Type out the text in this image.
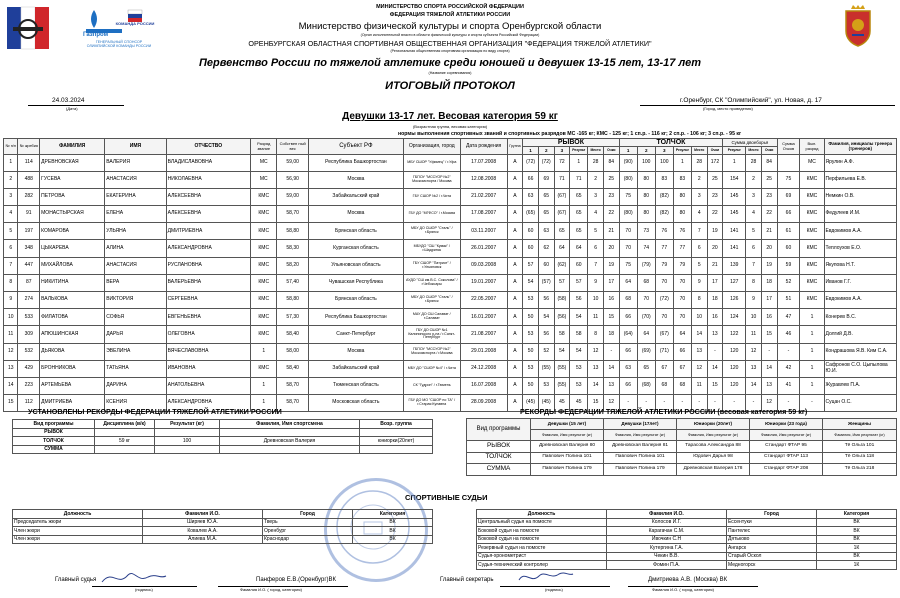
Газпром
КОМАНДА РОССИИ
ГЕНЕРАЛЬНЫЙ СПОНСОР ОЛИМПИЙСКОЙ КОМАНДЫ РОССИИ
МИНИСТЕРСТВО СПОРТА РОССИЙСКОЙ ФЕДЕРАЦИИ
ФЕДЕРАЦИЯ ТЯЖЕЛОЙ АТЛЕТИКИ РОССИИ
Министерство физической культуры и спорта Оренбургской области
(Орган исполнительной власти в области физической культуры и спорта субъекта Российской Федерации)
ОРЕНБУРГСКАЯ ОБЛАСТНАЯ СПОРТИВНАЯ ОБЩЕСТВЕННАЯ ОРГАНИЗАЦИЯ "ФЕДЕРАЦИЯ ТЯЖЕЛОЙ АТЛЕТИКИ"
(Региональная общественная спортивная организация по виду спорта)
Первенство России по тяжелой атлетике среди юношей и девушек 13-15 лет, 13-17 лет
(Название соревнования)
ИТОГОВЫЙ ПРОТОКОЛ
24.03.2024
(Дата)
г.Оренбург, СК "Олимпийский", ул. Новая, д. 17
(Город, место проведения)
Девушки 13-17 лет. Весовая категория 59 кг
(Возрастная группа, весовая категория)
нормы выполнения спортивных званий и спортивных разрядов МС -165 кг; КМС - 125 кг; 1 сп.р. - 116 кг; 2 сп.р. - 106 кг; 3 сп.р. - 95 кг
№ п/п	№ жребия	ФАМИЛИЯ	ИМЯ	ОТЧЕСТВО	Разряд звание	Собствен ный вес	Субъект РФ	Организация, город	Дата рождения	Группа	РЫВОК						ТОЛЧОК						Сумма двоеборья			Сумма Очков	Вып. разряд	Фамилия, инициалы тренера (тренеров)
											1	2	3	Результ	Место	Очки	1	2	3	Результ	Место	Очки	Результ	Место	Очки			
1	114	ДРЕВНОВСКАЯ	ВАЛЕРИЯ	ВЛАДИСЛАВОВНА	МС	59,00	Республика Башкортостан	МБУ СШОР "Уфимец" / г.Уфа	17.07.2008	А	(72)	(72)	72	1	28	84	(90)	100	100	1	28	172	1	28	84		МС	Ярулин А.Ф.
2	488	ГУСЕВА	АНАСТАСИЯ	НИКОЛАЕВНА	МС	56,90	Москва	ГБПОУ "МССУОР №2" Москомспорта / Москва	12.08.2008	А	66	69	71	71	2	25	(80)	80	83	83	2	25	154	2	25	75	КМС	Перфильева Е.В.
3	282	ПЕТРОВА	ЕКАТЕРИНА	АЛЕКСЕЕВНА	КМС	59,00	Забайкальский край	ГБУ СШОР №2 / г.Чита	21.02.2007	А	63	65	(67)	65	3	23	75	80	(82)	80	3	23	145	3	23	69	КМС	Немкин О.В.
4	91	МОНАСТЫРСКАЯ	ЕЛЕНА	АЛЕКСЕЕВНА	КМС	58,70	Москва	ГБУ ДО "МГФСО" / г.Москва	17.08.2007	А	(65)	65	(67)	65	4	22	(80)	80	(82)	80	4	22	145	4	22	66	КМС	Федулеев И.М.
5	197	КОМАРОВА	УЛЬЯНА	ДМИТРИЕВНА	КМС	58,80	Брянская область	МБУ ДО СШОР "Сталь" / г.Брянск	03.11.2007	А	60	63	65	65	5	21	70	73	76	76	7	19	141	5	21	61	КМС	Евдокимов А.А.
6	348	ЦЫКАРЕВА	АЛИНА	АЛЕКСАНДРОВНА	КМС	58,30	Курганская область	МБУДО "СШ "Кумак" / г.Шадринск	26.01.2007	А	60	62	64	64	6	20	70	74	77	77	6	20	141	6	20	60	КМС	Теплоухов Е.О.
7	447	МИХАЙЛОВА	АНАСТАСИЯ	РУСЛАНОВНА	КМС	58,20	Ульяновская область	ГБУ СШОР "Патриот" / г.Ульяновск	09.03.2008	А	57	60	(62)	60	7	19	75	(79)	79	79	5	21	139	7	19	59	КМС	Якупова Н.Т.
8	87	НИКИТИНА	ВЕРА	ВАЛЕРЬЕВНА	КМС	57,40	Чувашская Республика	АУДО "СШ им.В.С. Соколова" / г.Чебоксары	19.01.2007	А	54	(57)	57	57	9	17	64	68	70	70	9	17	127	8	18	52	КМС	Иванов Г.Г.
9	274	ВАЛЬКОВА	ВИКТОРИЯ	СЕРГЕЕВНА	КМС	58,80	Брянская область	МБУ ДО СШОР "Сталь" / г.Брянск	22.05.2007	А	53	56	(58)	56	10	16	68	70	(72)	70	8	18	126	9	17	51	КМС	Евдокимов А.А.
10	533	ФИЛАТОВА	СОФЬЯ	ЕВГЕНЬЕВНА	КМС	57,30	Республика Башкортостан	МАУ ДО СШ Салават / г.Салават	16.01.2007	А	50	54	(56)	54	11	15	66	(70)	70	70	10	16	124	10	16	47	1	Конерев В.С.
11	309	АПЮШИНСКАЯ	ДАРЬЯ	ОЛЕГОВНА	КМС	58,40	Санкт-Петербург	ГБУ ДО СШОР №1 Калининского р-на / г.Санкт-Петербург	21.08.2007	А	53	56	58	58	8	18	(64)	64	(67)	64	14	13	122	11	15	46	1	Долгий Д.В.
12	532	ДЬЯКОВА	ЭВЕЛИНА	ВЯЧЕСЛАВОВНА	1	58,00	Москва	ГБПОУ "МССУОР №2" Москомспорта / г.Москва	29.01.2008	А	50	52	54	54	12	-	66	(69)	(71)	66	13	-	120	12	-	-	1	Кондрашова Я.В. Ким С.А.
13	429	БРОННИКОВА	ТАТЬЯНА	ИВАНОВНА	КМС	58,40	Забайкальский край	МБУ ДО "СШОР №4" / г.Чита	24.12.2008	А	53	(55)	(55)	53	13	14	63	65	67	67	12	14	120	13	14	42	1	Сафронов С.О. Цыпылова Ю.И.
14	223	АРТЕМЬЕВА	ДАРИНА	АНАТОЛЬЕВНА	1	58,70	Тюменская область	СК "Гудрон" / г.Тюмень	16.07.2008	А	50	53	(55)	53	14	13	66	(68)	68	68	11	15	120	14	13	41	1	Журавлев П.А.
15	112	ДМИТРИЕВА	КСЕНИЯ	АЛЕКСАНДРОВНА	1	58,70	Московская область	ГБУ ДО МО "СШОР по ТА" / г.Старая Купавна	28.09.2008	А	(45)	(45)	45	45	15	12	-	-	-	-	-	-	-	-	12	-	-	Суцан О.С.
УСТАНОВЛЕНЫ РЕКОРДЫ ФЕДЕРАЦИИ ТЯЖЕЛОЙ АТЛЕТИКИ РОССИИ
Вид программы	Дисциплина (в/к)	Результат (кг)	Фамилия, Имя спортсмена	Возр. группа
РЫВОК				
ТОЛЧОК	59 кг	100	Древновская Валерия	юниорки(20лет)
СУММА				
РЕКОРДЫ ФЕДЕРАЦИИ ТЯЖЕЛОЙ АТЛЕТИКИ РОССИИ (весовая категория 59 кг)
Вид программы	Девушки (15 лет)	Девушки (17лет)	Юниорки (20лет)	Юниорки (23 года)	Женщины
	Фамилия, Имя результат (кг)	Фамилия, Имя результат (кг)	Фамилия, Имя результат (кг)	Фамилия, Имя результат (кг)	Фамилия, Имя результат (кг)
РЫВОК	Древновская Валерия 80	Древновская Валерия 81	Тарасова Александра 88	Стандарт ФТАР 95	Тё Ольга 101
ТОЛЧОК	Павлович Полина 101	Павлович Полина 101	Юдович Дарья 98	Стандарт ФТАР 113	Тё Ольга 118
СУММА	Павлович Полина 179	Павлович Полина 179	Древновская Валерия 178	Стандарт ФТАР 208	Тё Ольга 218
СПОРТИВНЫЕ СУДЬИ
Должность	Фамилия И.О.	Город	Категория
Председатель жюри	Ширяев Ю.А.	Тверь	ВК
Член жюри	Ковалев А.А.	Оренбург	ВК
Член жюри	Алиева М.А.	Краснодар	ВК
Должность	Фамилия И.О.	Город	Категория
Центральный судья на помосте	Колосов И.Г.	Ессентуки	ВК
Боковой судья на помосте	Карагачан С.М.	Пантелес	ВК
Боковой судья на помосте	Ивочкин С.Н	Дятьково	ВК
Резервный судья на помосте	Кутергина Г.А.	Ангарск	1К
Судья-хронометрист	Чекин В.В.	Старый Оскол	ВК
Судья-технический контролер	Фомин П.А.	Медногорск	1К
Главный судья
(подпись)
Панферов Е.В.(Оренбург)ВК
Фамилия И.О. ( город, категория)
Главный секретарь
(подпись)
Дмитриева А.В. (Москва) ВК
Фамилия И.О. ( город, категория)
